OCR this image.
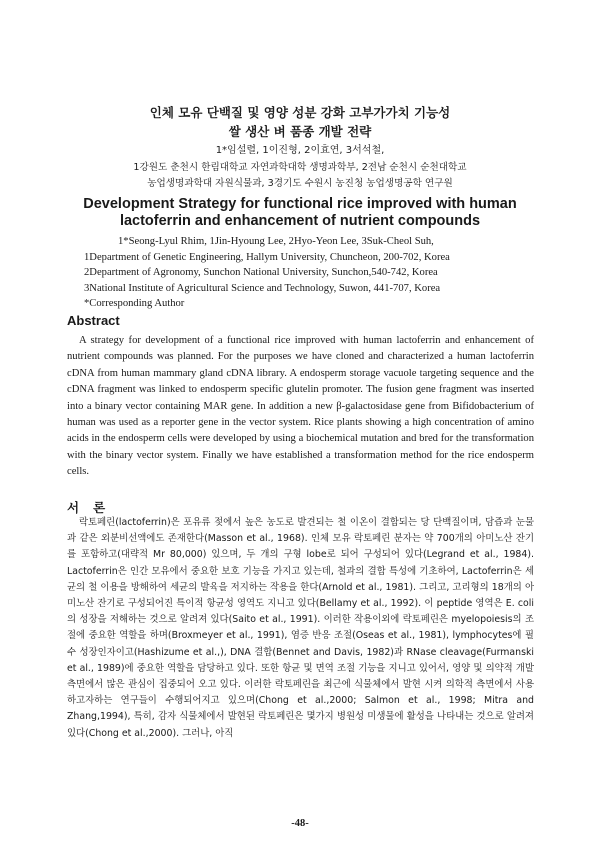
인체 모유 단백질 및 영양 성분 강화 고부가가치 기능성
쌀 생산 벼 품종 개발 전략
1*임설렬, 1이진형, 2이효연, 3서석철,
1강원도 춘천시 한림대학교 자연과학대학 생명과학부, 2전남 순천시 순천대학교
농업생명과학대 자원식물과, 3경기도 수원시 농진청 농업생명공학 연구원
Development Strategy for functional rice improved with human
lactoferrin and enhancement of nutrient compounds
1*Seong-Lyul Rhim, 1Jin-Hyoung Lee, 2Hyo-Yeon Lee, 3Suk-Cheol Suh,
1Department of Genetic Engineering, Hallym University, Chuncheon, 200-702, Korea
2Department of Agronomy, Sunchon National University, Sunchon,540-742, Korea
3National Institute of Agricultural Science and Technology, Suwon, 441-707, Korea
*Corresponding Author
Abstract

A strategy for development of a functional rice improved with human lactoferrin and enhancement of nutrient compounds was planned. For the purposes we have cloned and characterized a human lactoferrin cDNA from human mammary gland cDNA library. A endosperm storage vacuole targeting sequence and the cDNA fragment was linked to endosperm specific glutelin promoter. The fusion gene fragment was inserted into a binary vector containing MAR gene. In addition a new β-galactosidase gene from Bifidobacterium of human was used as a reporter gene in the vector system. Rice plants showing a high concentration of amino acids in the endosperm cells were developed by using a biochemical mutation and bred for the transformation with the binary vector system. Finally we have established a transformation method for the rice endosperm cells.

서론

락토페린(lactoferrin)은 포유류 젖에서 높은 농도로 발견되는 철 이온이 결합되는 당 단백질이며, 담즙과 눈물과 같은 외분비선액에도 존재한다(Masson et al., 1968). 인체 모유 락토페린 분자는 약 700개의 아미노산 잔기를 포함하고(대략적 Mr 80,000) 있으며, 두 개의 구형 lobe로 되어 구성되어 있다(Legrand et al., 1984). Lactoferrin은 인간 모유에서 중요한 보호 기능을 가지고 있는데, 철과의 결합 특성에 기초하여, Lactoferrin은 세균의 철 이용을 방해하여 세균의 발육을 저지하는 작용을 한다(Arnold et al., 1981). 그리고, 고리형의 18개의 아미노산 잔기로 구성되어진 특이적 항균성 영역도 지니고 있다(Bellamy et al., 1992). 이 peptide 영역은 E. coli의 성장을 저해하는 것으로 알려져 있다(Saito et al., 1991). 이러한 작용이외에 락토페린은 myelopoiesis의 조절에 중요한 역할을 하며(Broxmeyer et al., 1991), 염증 반응 조절(Oseas et al., 1981), lymphocytes에 필수 성장인자이고(Hashizume et al.,), DNA 결합(Bennet and Davis, 1982)과 RNase cleavage(Furmanski et al., 1989)에 중요한 역할을 담당하고 있다. 또한 항균 및 면역 조절 기능을 지니고 있어서, 영양 및 의약적 개발 측면에서 많은 관심이 집중되어 오고 있다. 이러한 락토페린을 최근에 식물체에서 발현 시켜 의학적 측면에서 사용하고자하는 연구들이 수행되어지고 있으며(Chong et al.,2000; Salmon et al., 1998; Mitra and Zhang,1994), 특히, 감자 식물체에서 발현된 락토페린은 몇가지 병원성 미생물에 활성을 나타내는 것으로 알려져 있다(Chong et al.,2000). 그러나, 아직

-48-
